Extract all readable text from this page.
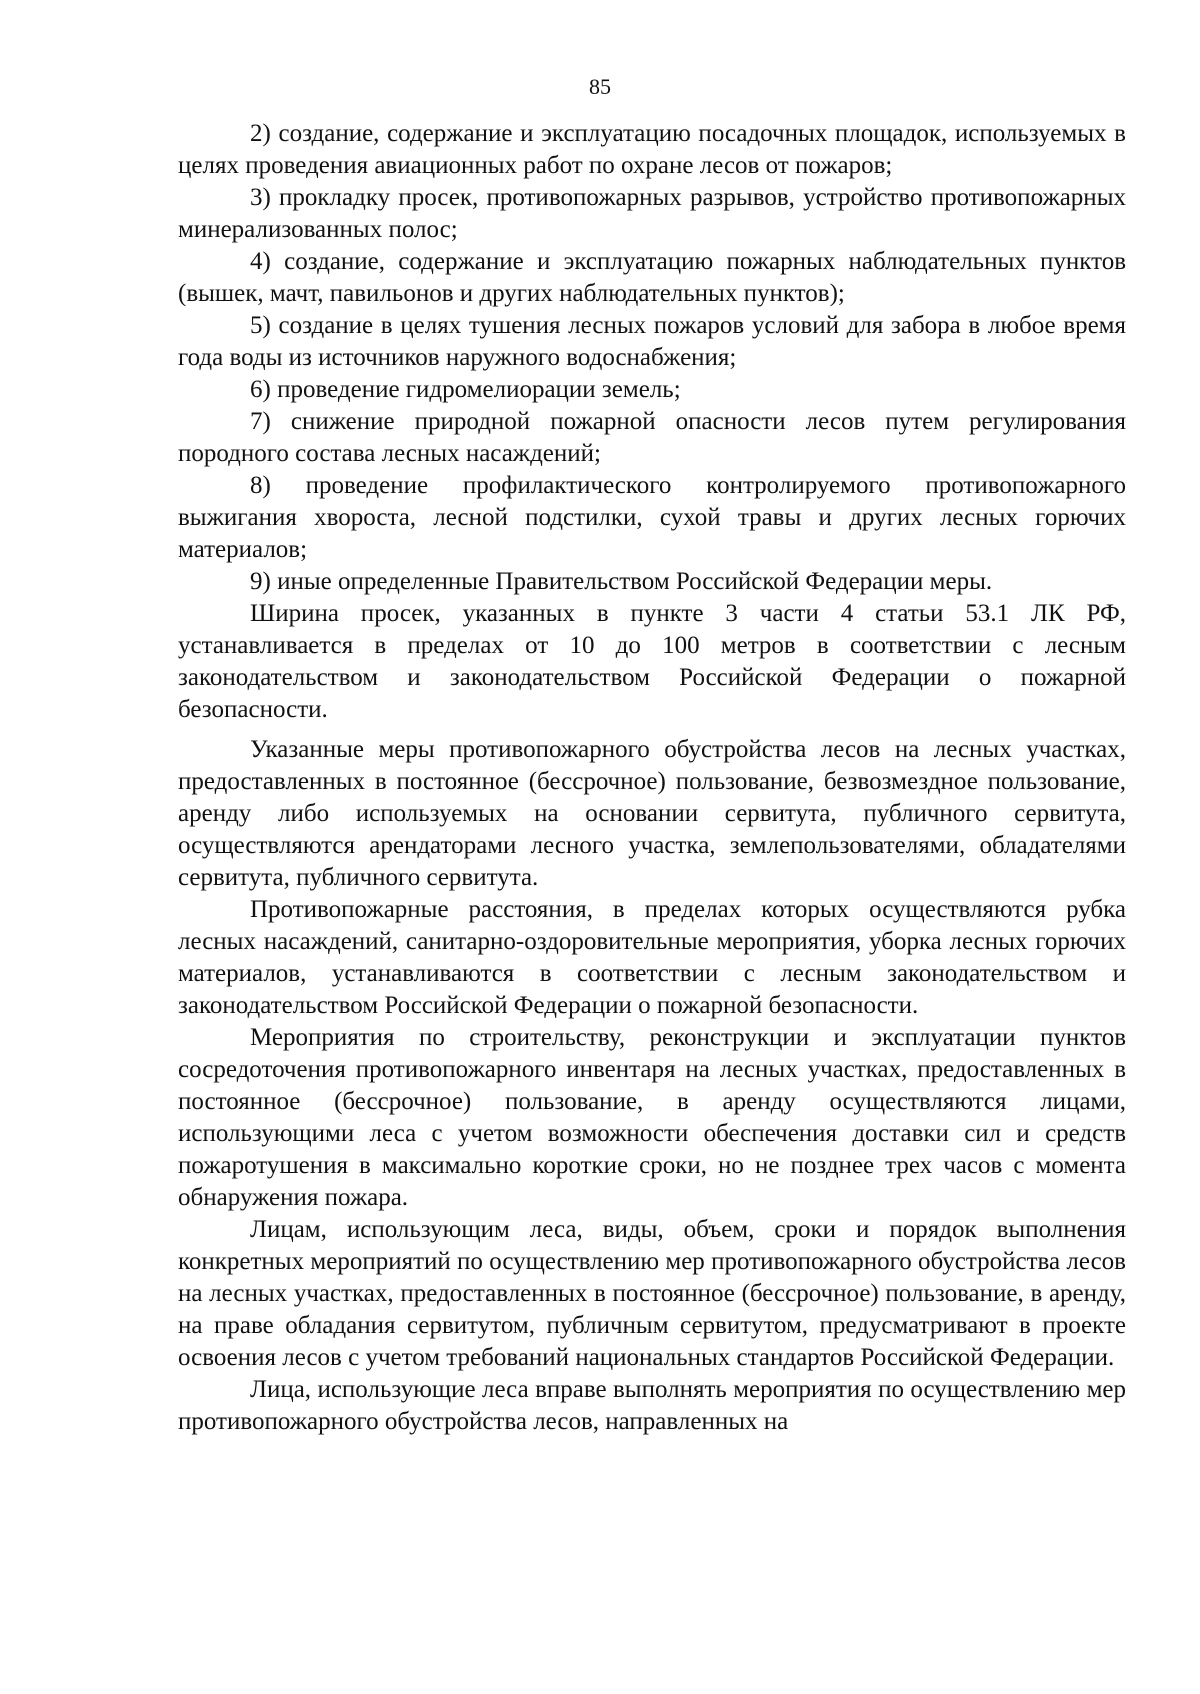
85

2) создание, содержание и эксплуатацию посадочных площадок, используемых в целях проведения авиационных работ по охране лесов от пожаров;

3) прокладку просек, противопожарных разрывов, устройство противопожарных минерализованных полос;

4) создание, содержание и эксплуатацию пожарных наблюдательных пунктов (вышек, мачт, павильонов и других наблюдательных пунктов);

5) создание в целях тушения лесных пожаров условий для забора в любое время года воды из источников наружного водоснабжения;

6) проведение гидромелиорации земель;

7) снижение природной пожарной опасности лесов путем регулирования породного состава лесных насаждений;

8) проведение профилактического контролируемого противопожарного выжигания хвороста, лесной подстилки, сухой травы и других лесных горючих материалов;

9) иные определенные Правительством Российской Федерации меры.

Ширина просек, указанных в пункте 3 части 4 статьи 53.1 ЛК РФ, устанавливается в пределах от 10 до 100 метров в соответствии с лесным законодательством и законодательством Российской Федерации о пожарной безопасности.

Указанные меры противопожарного обустройства лесов на лесных участках, предоставленных в постоянное (бессрочное) пользование, безвозмездное пользование, аренду либо используемых на основании сервитута, публичного сервитута, осуществляются арендаторами лесного участка, землепользователями, обладателями сервитута, публичного сервитута.

Противопожарные расстояния, в пределах которых осуществляются рубка лесных насаждений, санитарно-оздоровительные мероприятия, уборка лесных горючих материалов, устанавливаются в соответствии с лесным законодательством и законодательством Российской Федерации о пожарной безопасности.

Мероприятия по строительству, реконструкции и эксплуатации пунктов сосредоточения противопожарного инвентаря на лесных участках, предоставленных в постоянное (бессрочное) пользование, в аренду осуществляются лицами, использующими леса с учетом возможности обеспечения доставки сил и средств пожаротушения в максимально короткие сроки, но не позднее трех часов с момента обнаружения пожара.

Лицам, использующим леса, виды, объем, сроки и порядок выполнения конкретных мероприятий по осуществлению мер противопожарного обустройства лесов на лесных участках, предоставленных в постоянное (бессрочное) пользование, в аренду, на праве обладания сервитутом, публичным сервитутом, предусматривают в проекте освоения лесов с учетом требований национальных стандартов Российской Федерации.

Лица, использующие леса вправе выполнять мероприятия по осуществлению мер противопожарного обустройства лесов, направленных на
